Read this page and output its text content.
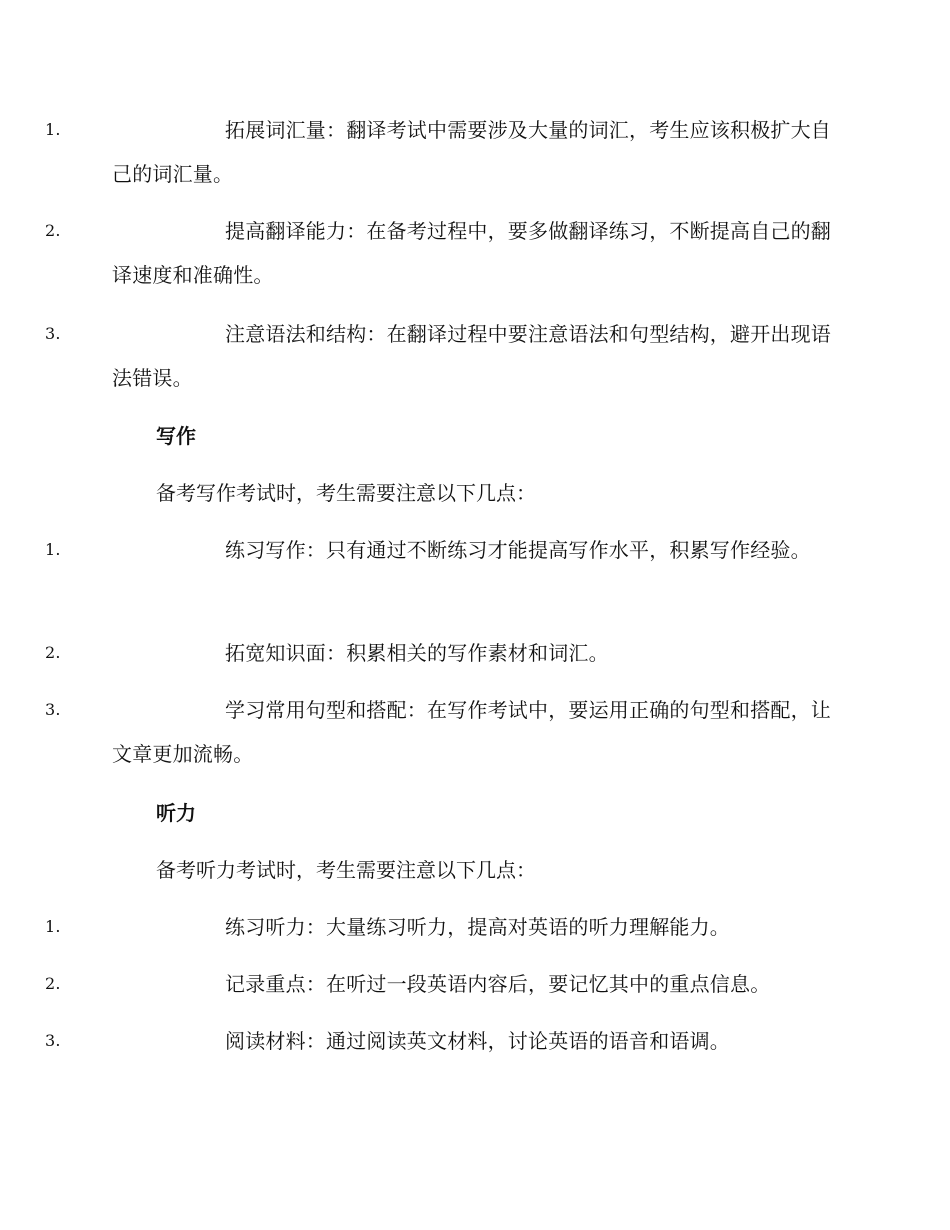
1.	拓展词汇量：翻译考试中需要涉及大量的词汇，考生应该积极扩大自己的词汇量。
2.	提高翻译能力：在备考过程中，要多做翻译练习，不断提高自己的翻译速度和准确性。
3.	注意语法和结构：在翻译过程中要注意语法和句型结构，避开出现语法错误。
写作
备考写作考试时，考生需要注意以下几点：
1.	练习写作：只有通过不断练习才能提高写作水平，积累写作经验。
2.	拓宽知识面：积累相关的写作素材和词汇。
3.	学习常用句型和搭配：在写作考试中，要运用正确的句型和搭配，让文章更加流畅。
听力
备考听力考试时，考生需要注意以下几点：
1.	练习听力：大量练习听力，提高对英语的听力理解能力。
2.	记录重点：在听过一段英语内容后，要记忆其中的重点信息。
3.	阅读材料：通过阅读英文材料，讨论英语的语音和语调。
